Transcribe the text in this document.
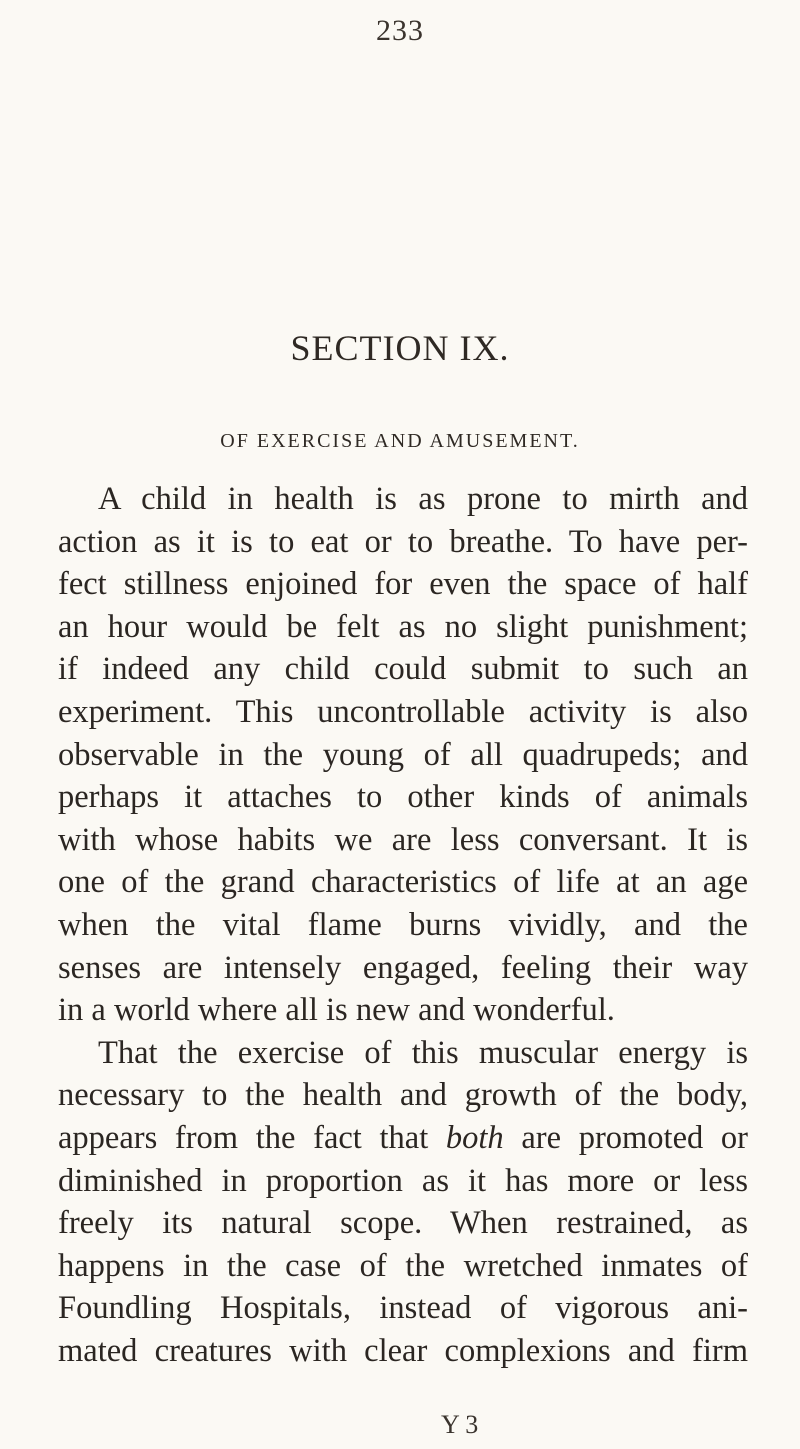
233
SECTION IX.
OF EXERCISE AND AMUSEMENT.

A child in health is as prone to mirth and
action as it is to eat or to breathe. To have per-
fect stillness enjoined for even the space of half
an hour would be felt as no slight punishment;
if indeed any child could submit to such an
experiment. This uncontrollable activity is also
observable in the young of all quadrupeds; and
perhaps it attaches to other kinds of animals
with whose habits we are less conversant. It is
one of the grand characteristics of life at an age
when the vital flame burns vividly, and the
senses are intensely engaged, feeling their way
in a world where all is new and wonderful.

That the exercise of this muscular energy is
necessary to the health and growth of the body,
appears from the fact that both are promoted or
diminished in proportion as it has more or less
freely its natural scope. When restrained, as
happens in the case of the wretched inmates of
Foundling Hospitals, instead of vigorous ani-
mated creatures with clear complexions and firm

Y 3
